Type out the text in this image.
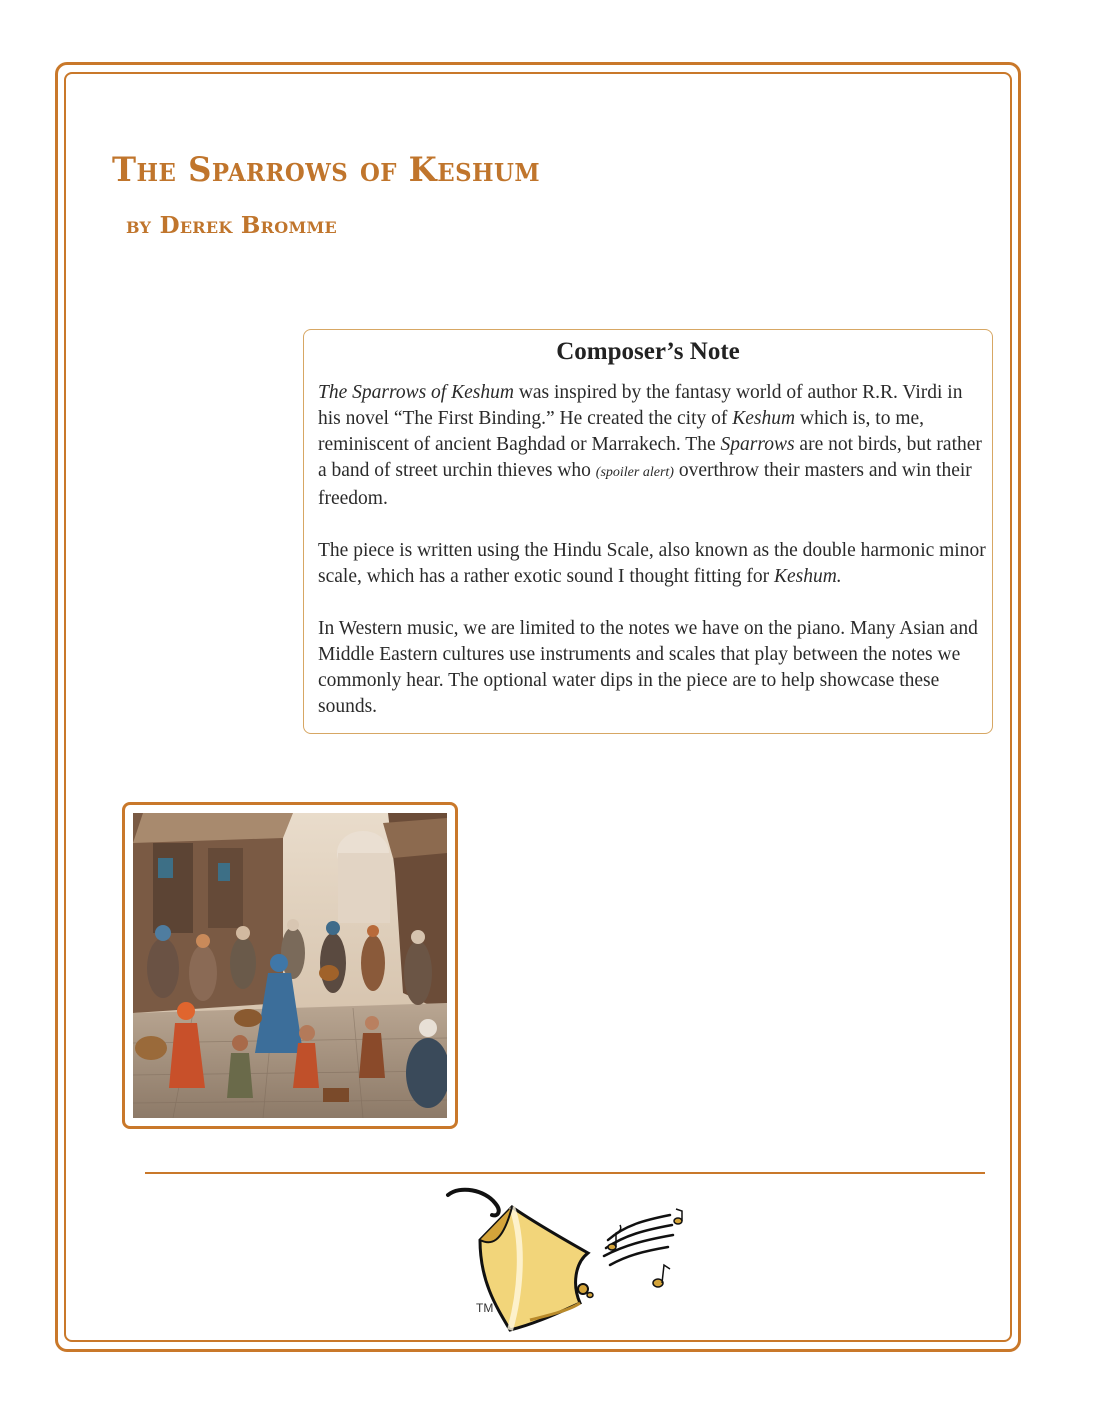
The Sparrows of Keshum
by Derek Bromme
Composer’s Note

The Sparrows of Keshum was inspired by the fantasy world of author R.R. Virdi in his novel “The First Binding.” He created the city of Keshum which is, to me, reminiscent of ancient Baghdad or Marrakech. The Sparrows are not birds, but rather a band of street urchin thieves who (spoiler alert) overthrow their masters and win their freedom.

The piece is written using the Hindu Scale, also known as the double harmonic minor scale, which has a rather exotic sound I thought fitting for Keshum.

In Western music, we are limited to the notes we have on the piano. Many Asian and Middle Eastern cultures use instruments and scales that play between the notes we commonly hear. The optional water dips in the piece are to help showcase these sounds.

TM
